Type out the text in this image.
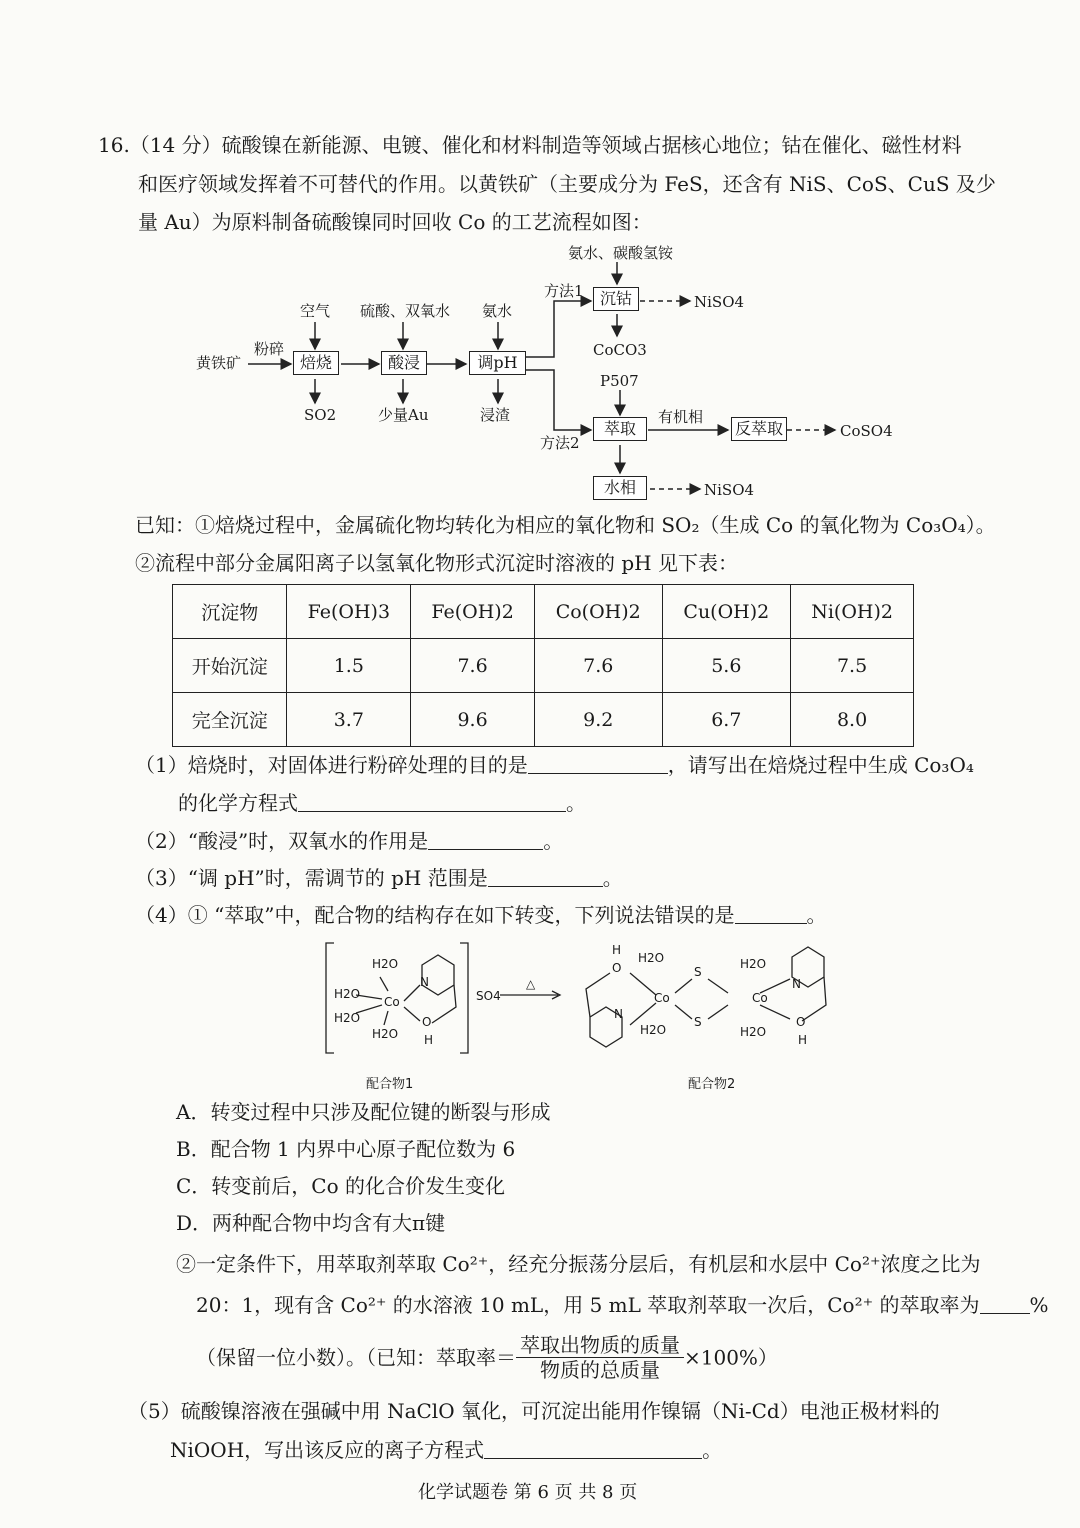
16.（14 分）硫酸镍在新能源、电镀、催化和材料制造等领域占据核心地位；钴在催化、磁性材料
和医疗领域发挥着不可替代的作用。以黄铁矿（主要成分为 FeS，还含有 NiS、CoS、CuS 及少
量 Au）为原料制备硫酸镍同时回收 Co 的工艺流程如图：
氨水、碳酸氢铵
方法1	沉钴	NiSO4
CoCO3
P507
空气 硫酸、双氧水 氨水
粉碎
黄铁矿	焙烧	酸浸	调pH
SO2	少量Au	浸渣
萃取
有机相
反萃取	CoSO4
方法2
水相	NiSO4
已知：①焙烧过程中，金属硫化物均转化为相应的氧化物和 SO₂（生成 Co 的氧化物为 Co₃O₄）。
②流程中部分金属阳离子以氢氧化物形式沉淀时溶液的 pH 见下表：
沉淀物	Fe(OH)3	Fe(OH)2	Co(OH)2	Cu(OH)2	Ni(OH)2
开始沉淀	1.5	7.6	7.6	5.6	7.5
完全沉淀	3.7	9.6	9.2	6.7	8.0
（1）焙烧时，对固体进行粉碎处理的目的是	，请写出在焙烧过程中生成 Co₃O₄
的化学方程式	。
（2）“酸浸”时，双氧水的作用是	。
（3）“调 pH”时，需调节的 pH 范围是	。
（4）① “萃取”中，配合物的结构存在如下转变，下列说法错误的是	。
H2O
H2O
H2O
H2O
Co
N
O
H
SO4
△
H
O
H2O
N
H2O
Co
S
S
H2O
H2O
Co
N
O
H
配合物1	配合物2
A．转变过程中只涉及配位键的断裂与形成
B．配合物 1 内界中心原子配位数为 6
C．转变前后，Co 的化合价发生变化
D．两种配合物中均含有大π键
②一定条件下，用萃取剂萃取 Co²⁺，经充分振荡分层后，有机层和水层中 Co²⁺浓度之比为
20：1，现有含 Co²⁺ 的水溶液 10 mL，用 5 mL 萃取剂萃取一次后，Co²⁺ 的萃取率为	%
（保留一位小数）。（已知：萃取率＝ $\frac{\text{萃取出物质的质量}}{\text{物质的总质量}} \times 100\%$）
（5）硫酸镍溶液在强碱中用 NaClO 氧化，可沉淀出能用作镍镉（Ni-Cd）电池正极材料的
NiOOH，写出该反应的离子方程式	。
化学试题卷 第 6 页 共 8 页
